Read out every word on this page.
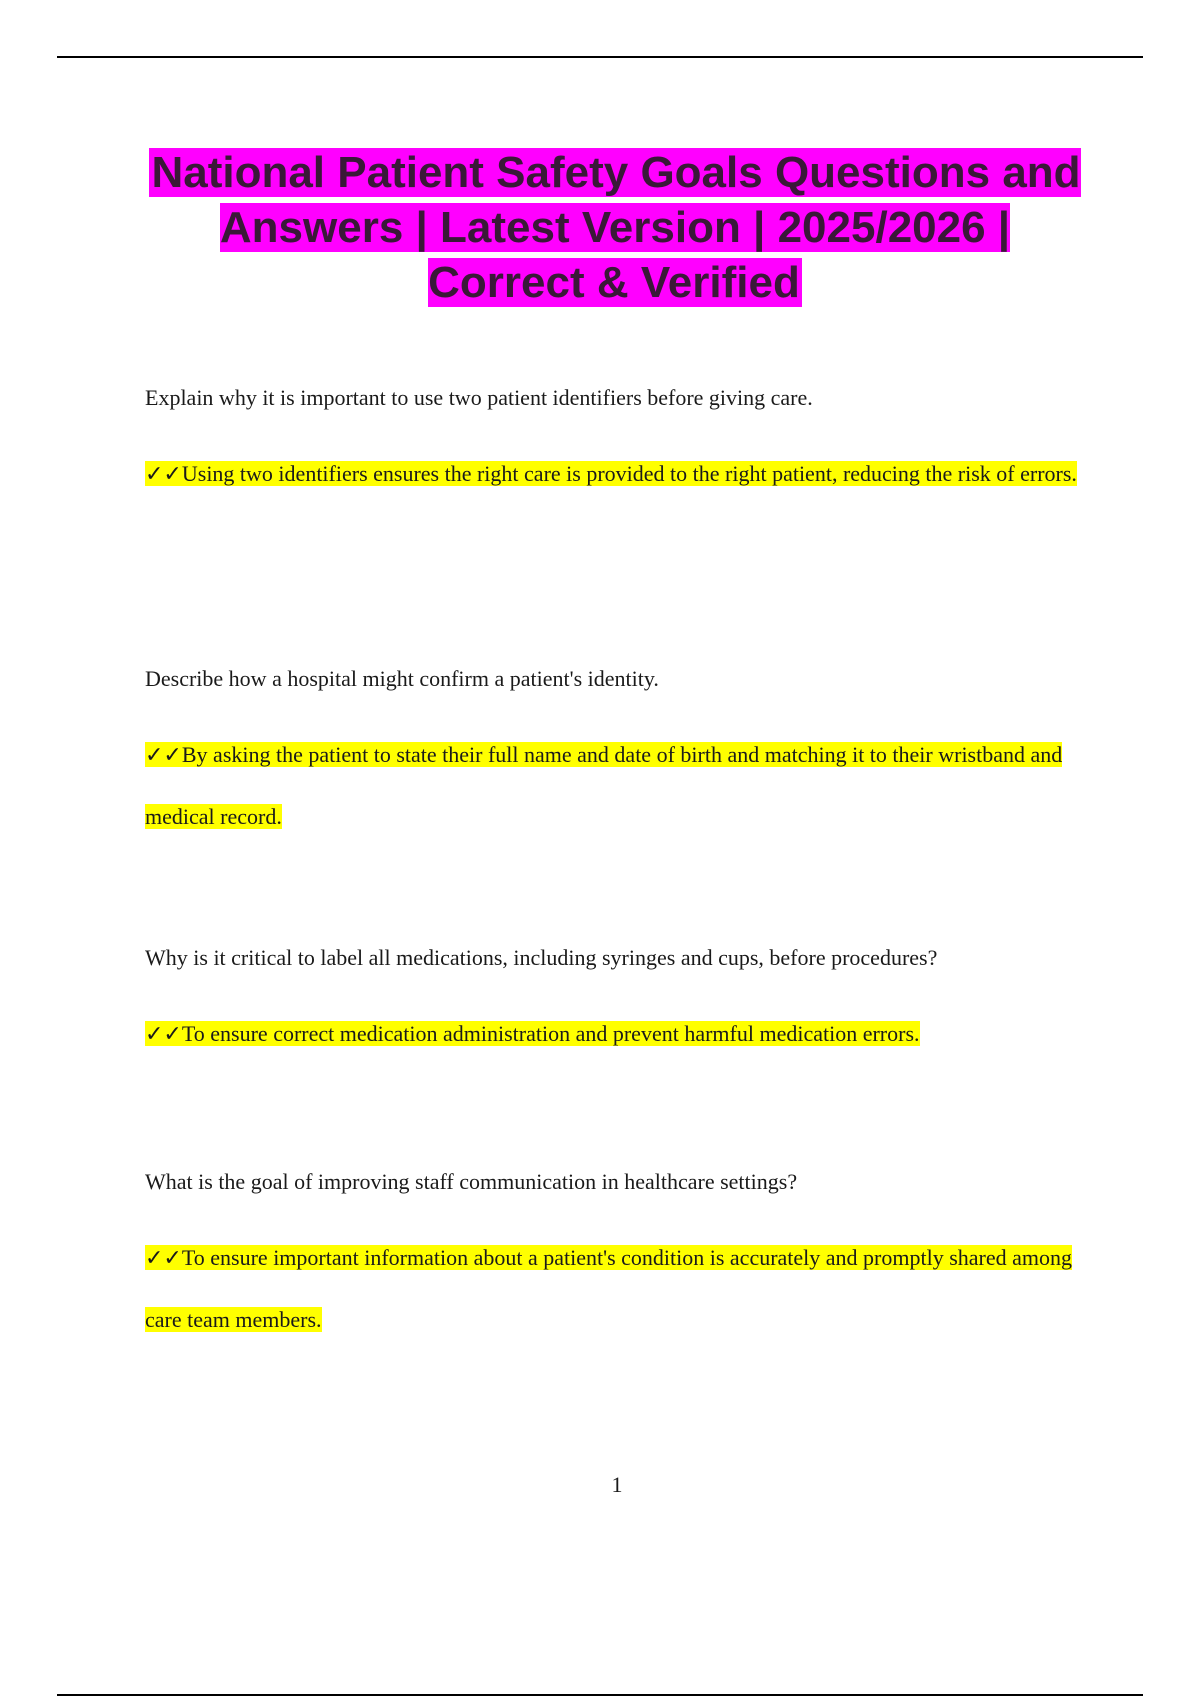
National Patient Safety Goals Questions and Answers | Latest Version | 2025/2026 | Correct & Verified

Explain why it is important to use two patient identifiers before giving care.

✓✓Using two identifiers ensures the right care is provided to the right patient, reducing the risk of errors.

Describe how a hospital might confirm a patient's identity.

✓✓By asking the patient to state their full name and date of birth and matching it to their wristband and medical record.

Why is it critical to label all medications, including syringes and cups, before procedures?

✓✓To ensure correct medication administration and prevent harmful medication errors.

What is the goal of improving staff communication in healthcare settings?

✓✓To ensure important information about a patient's condition is accurately and promptly shared among care team members.

1
